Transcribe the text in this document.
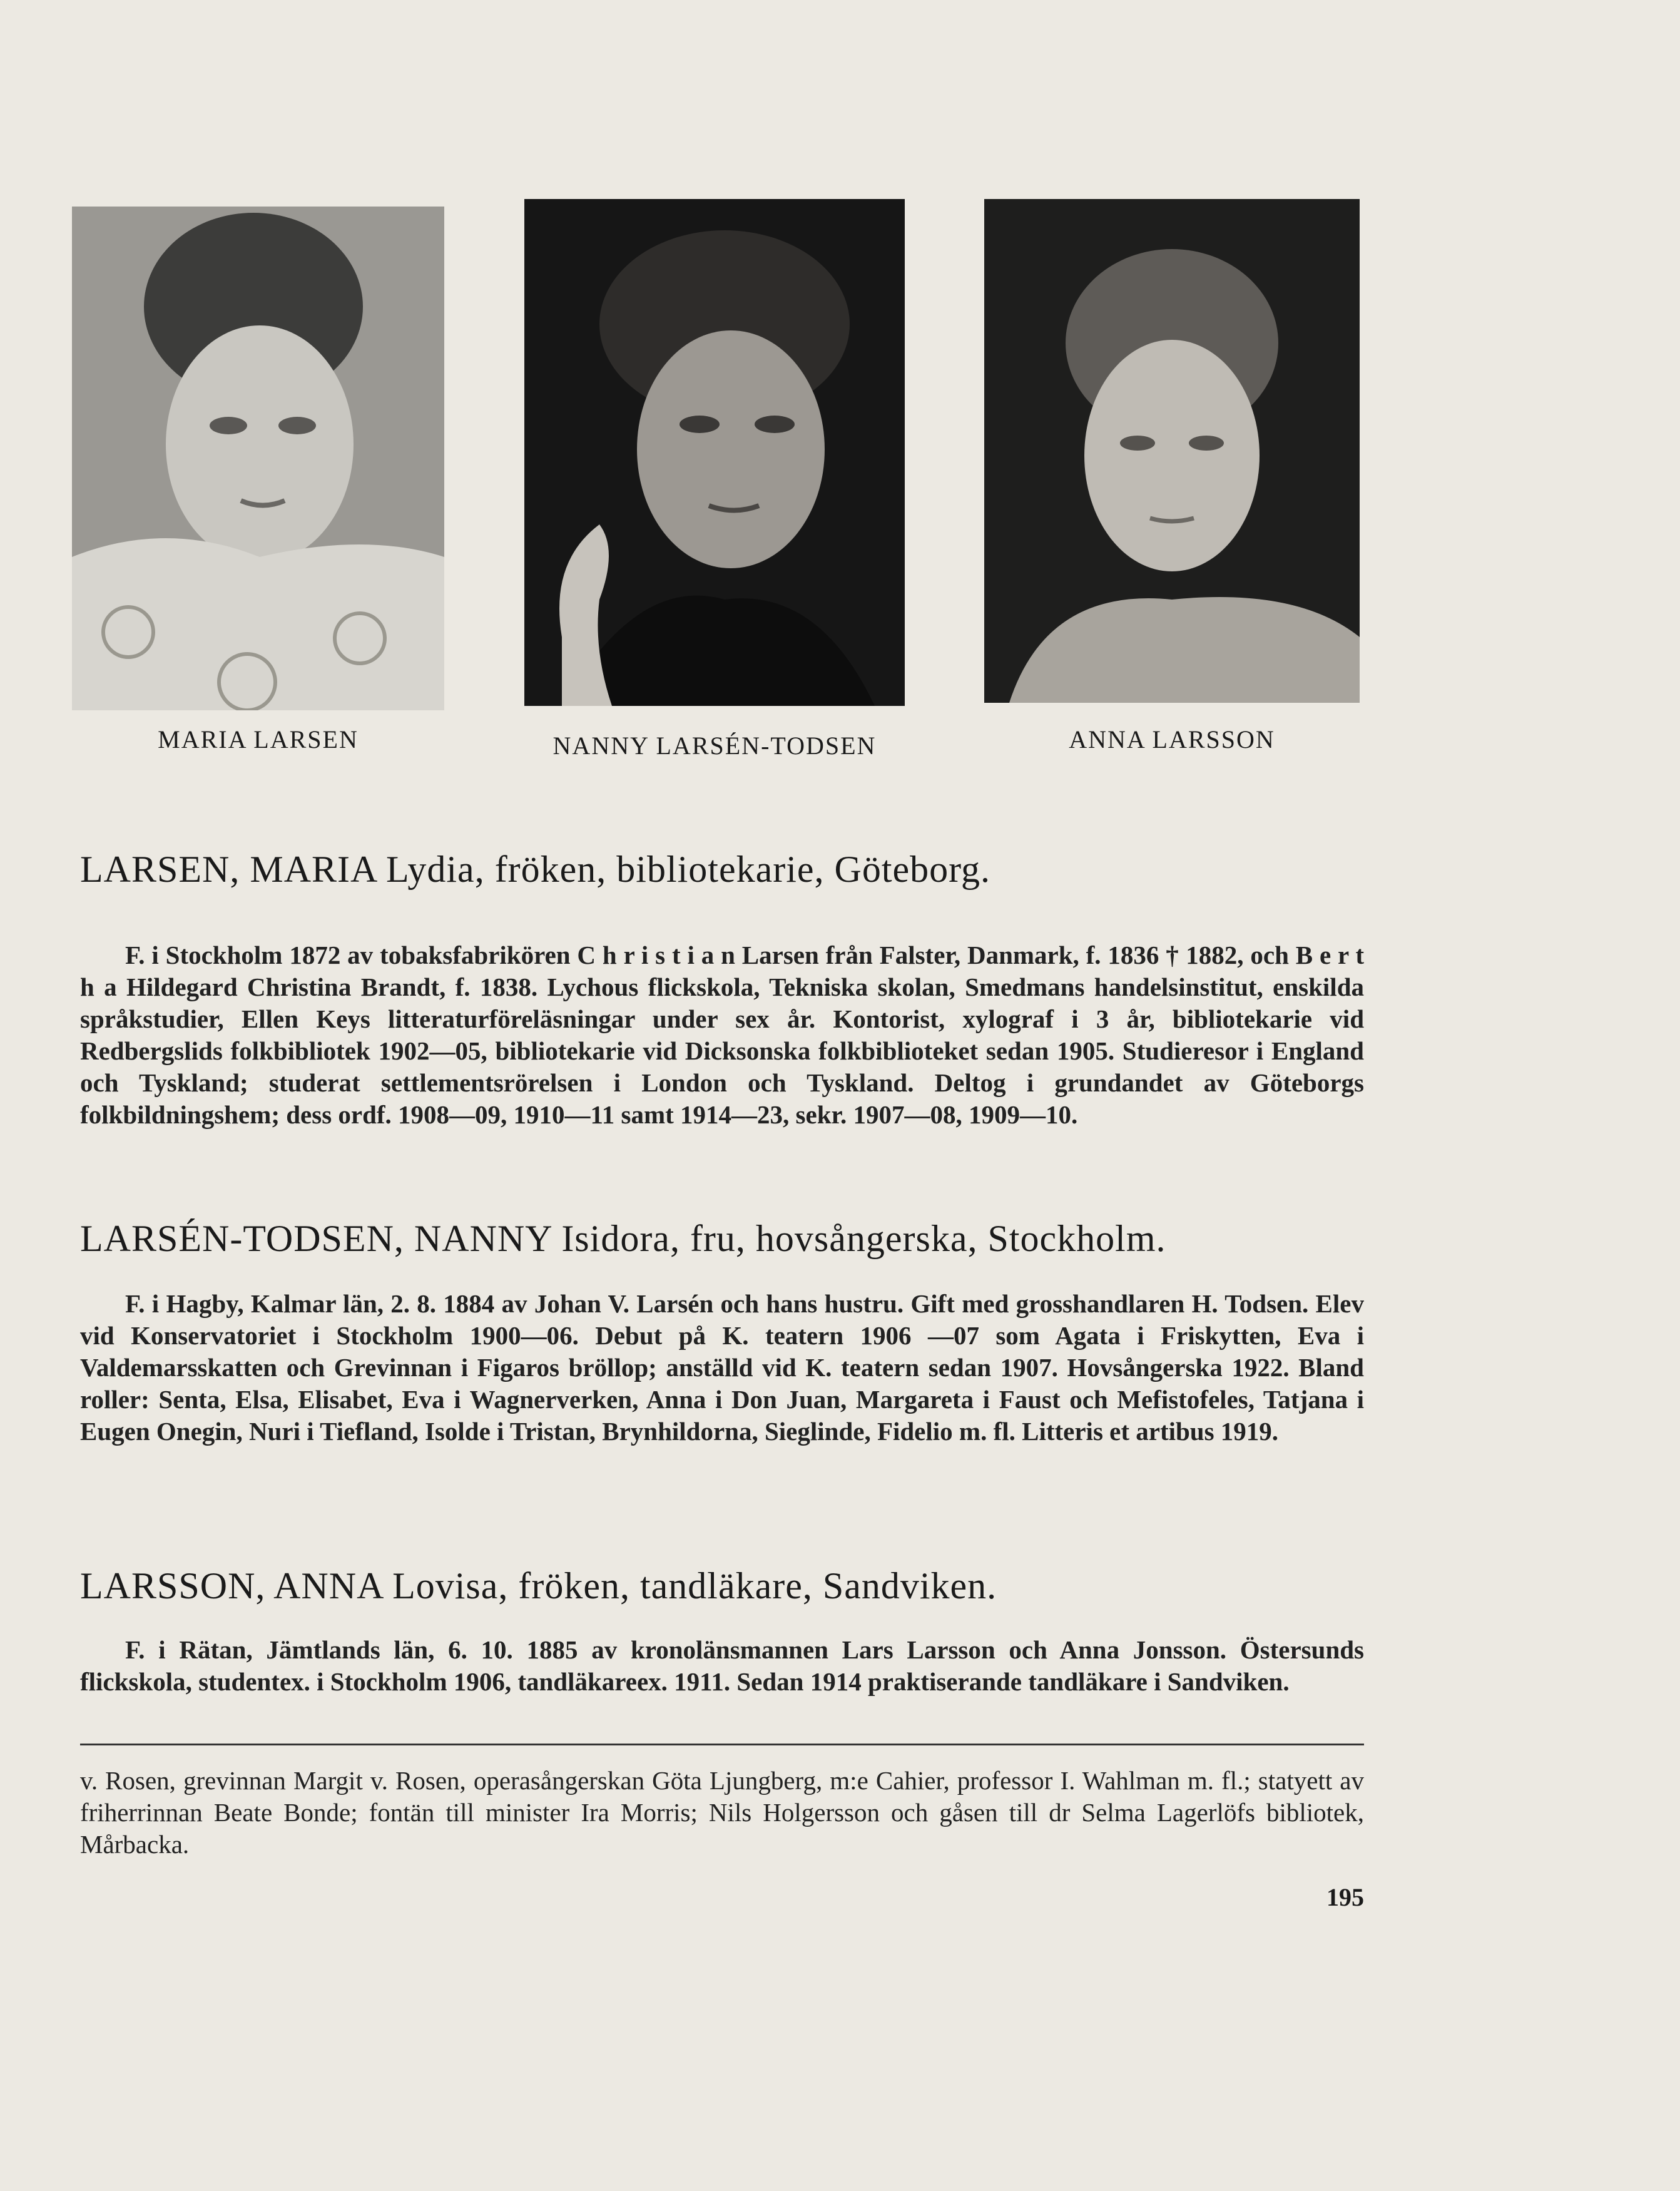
MARIA LARSEN	NANNY LARSÉN-TODSEN	ANNA LARSSON
LARSEN, MARIA Lydia, fröken, bibliotekarie, Göteborg.

F. i Stockholm 1872 av tobaksfabrikören C h r i s t i a n Larsen från Falster, Danmark, f. 1836 † 1882, och B e r t h a Hildegard Christina Brandt, f. 1838. Lychous flickskola, Tekniska skolan, Smedmans handelsinstitut, enskilda språkstudier, Ellen Keys litteraturföreläsningar under sex år. Kontorist, xylograf i 3 år, bibliotekarie vid Redbergslids folkbibliotek 1902—05, bibliotekarie vid Dicksonska folkbiblioteket sedan 1905. Studieresor i England och Tyskland; studerat settlementsrörelsen i London och Tyskland. Deltog i grundandet av Göteborgs folkbildningshem; dess ordf. 1908—09, 1910—11 samt 1914—23, sekr. 1907—08, 1909—10.

LARSÉN-TODSEN, NANNY Isidora, fru, hovsångerska, Stockholm.

F. i Hagby, Kalmar län, 2. 8. 1884 av Johan V. Larsén och hans hustru. Gift med grosshandlaren H. Todsen. Elev vid Konservatoriet i Stockholm 1900—06. Debut på K. teatern 1906 —07 som Agata i Friskytten, Eva i Valdemarsskatten och Grevinnan i Figaros bröllop; anställd vid K. teatern sedan 1907. Hovsångerska 1922. Bland roller: Senta, Elsa, Elisabet, Eva i Wagnerverken, Anna i Don Juan, Margareta i Faust och Mefistofeles, Tatjana i Eugen Onegin, Nuri i Tiefland, Isolde i Tristan, Brynhildorna, Sieglinde, Fidelio m. fl. Litteris et artibus 1919.

LARSSON, ANNA Lovisa, fröken, tandläkare, Sandviken.

F. i Rätan, Jämtlands län, 6. 10. 1885 av kronolänsmannen Lars Larsson och Anna Jonsson. Östersunds flickskola, studentex. i Stockholm 1906, tandläkareex. 1911. Sedan 1914 praktiserande tandläkare i Sandviken.

v. Rosen, grevinnan Margit v. Rosen, operasångerskan Göta Ljungberg, m:e Cahier, professor I. Wahlman m. fl.; statyett av friherrinnan Beate Bonde; fontän till minister Ira Morris; Nils Holgersson och gåsen till dr Selma Lagerlöfs bibliotek, Mårbacka.
195
